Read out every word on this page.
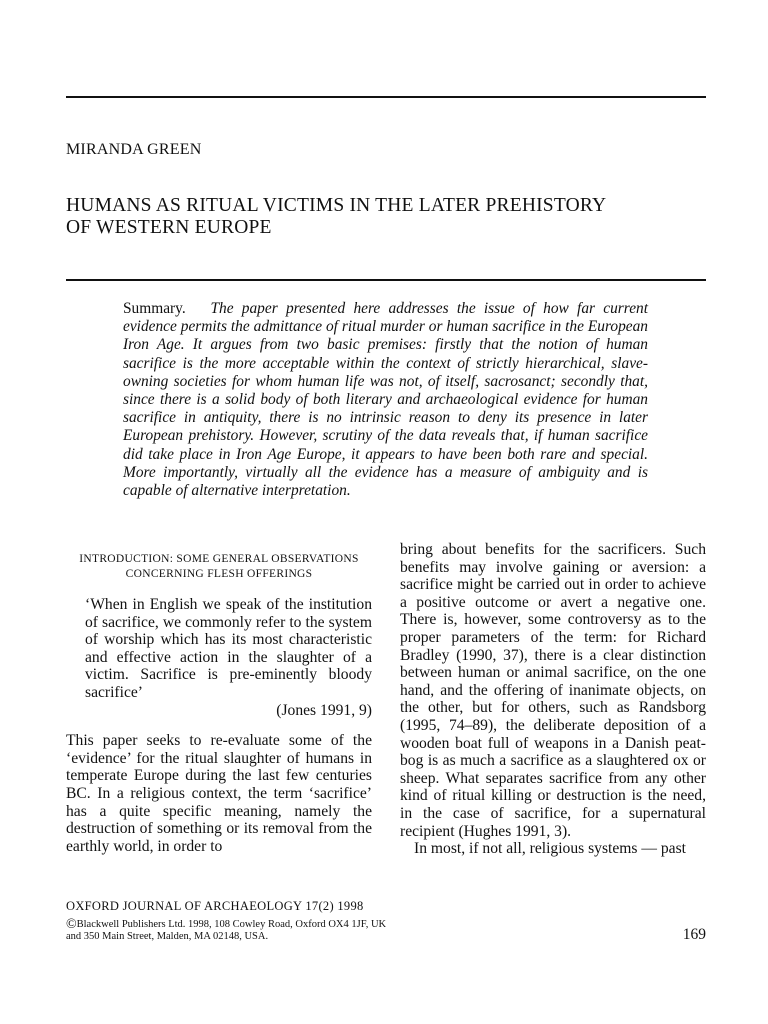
MIRANDA GREEN
HUMANS AS RITUAL VICTIMS IN THE LATER PREHISTORY
OF WESTERN EUROPE

Summary. The paper presented here addresses the issue of how far current evidence permits the admittance of ritual murder or human sacrifice in the European Iron Age. It argues from two basic premises: firstly that the notion of human sacrifice is the more acceptable within the context of strictly hierarchical, slave-owning societies for whom human life was not, of itself, sacrosanct; secondly that, since there is a solid body of both literary and archaeological evidence for human sacrifice in antiquity, there is no intrinsic reason to deny its presence in later European prehistory. However, scrutiny of the data reveals that, if human sacrifice did take place in Iron Age Europe, it appears to have been both rare and special. More importantly, virtually all the evidence has a measure of ambiguity and is capable of alternative interpretation.

INTRODUCTION: SOME GENERAL OBSERVATIONS CONCERNING FLESH OFFERINGS

‘When in English we speak of the institution of sacrifice, we commonly refer to the system of worship which has its most characteristic and effective action in the slaughter of a victim. Sacrifice is pre-eminently bloody sacrifice’

(Jones 1991, 9)

This paper seeks to re-evaluate some of the ‘evidence’ for the ritual slaughter of humans in temperate Europe during the last few centuries BC. In a religious context, the term ‘sacrifice’ has a quite specific meaning, namely the destruction of something or its removal from the earthly world, in order to

bring about benefits for the sacrificers. Such benefits may involve gaining or aversion: a sacrifice might be carried out in order to achieve a positive outcome or avert a negative one. There is, however, some controversy as to the proper parameters of the term: for Richard Bradley (1990, 37), there is a clear distinction between human or animal sacrifice, on the one hand, and the offering of inanimate objects, on the other, but for others, such as Randsborg (1995, 74–89), the deliberate deposition of a wooden boat full of weapons in a Danish peat-bog is as much a sacrifice as a slaughtered ox or sheep. What separates sacrifice from any other kind of ritual killing or destruction is the need, in the case of sacrifice, for a supernatural recipient (Hughes 1991, 3).

In most, if not all, religious systems — past

OXFORD JOURNAL OF ARCHAEOLOGY 17(2) 1998
©Blackwell Publishers Ltd. 1998, 108 Cowley Road, Oxford OX4 1JF, UK
and 350 Main Street, Malden, MA 02148, USA.	169
